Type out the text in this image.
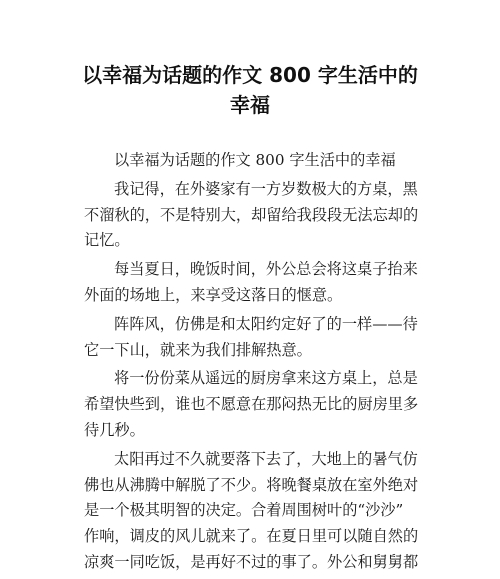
以幸福为话题的作文 800 字生活中的
幸福

以幸福为话题的作文 800 字生活中的幸福

我记得，在外婆家有一方岁数极大的方桌，黑
不溜秋的，不是特别大，却留给我段段无法忘却的
记忆。

每当夏日，晚饭时间，外公总会将这桌子抬来
外面的场地上，来享受这落日的惬意。

阵阵风，仿佛是和太阳约定好了的一样——待
它一下山，就来为我们排解热意。

将一份份菜从遥远的厨房拿来这方桌上，总是
希望快些到，谁也不愿意在那闷热无比的厨房里多
待几秒。

太阳再过不久就要落下去了，大地上的暑气仿
佛也从沸腾中解脱了不少。将晚餐桌放在室外绝对
是一个极其明智的决定。合着周围树叶的“沙沙”
作响，调皮的风儿就来了。在夏日里可以随自然的
凉爽一同吃饭，是再好不过的事了。外公和舅舅都
